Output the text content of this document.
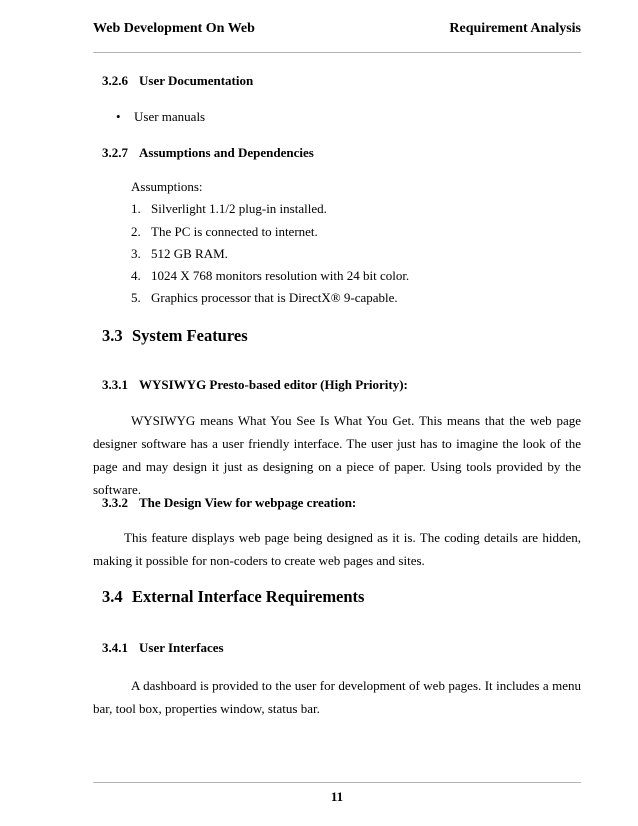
Web Development On Web	Requirement Analysis
3.2.6 User Documentation
• User manuals
3.2.7 Assumptions and Dependencies
Assumptions:
1. Silverlight 1.1/2 plug-in installed.
2. The PC is connected to internet.
3. 512 GB RAM.
4. 1024 X 768 monitors resolution with 24 bit color.
5. Graphics processor that is DirectX® 9-capable.
3.3 System Features
3.3.1 WYSIWYG Presto-based editor (High Priority):
WYSIWYG means What You See Is What You Get. This means that the web page designer software has a user friendly interface. The user just has to imagine the look of the page and may design it just as designing on a piece of paper. Using tools provided by the software.
3.3.2 The Design View for webpage creation:
This feature displays web page being designed as it is. The coding details are hidden, making it possible for non-coders to create web pages and sites.
3.4 External Interface Requirements
3.4.1 User Interfaces
A dashboard is provided to the user for development of web pages. It includes a menu bar, tool box, properties window, status bar.
11
